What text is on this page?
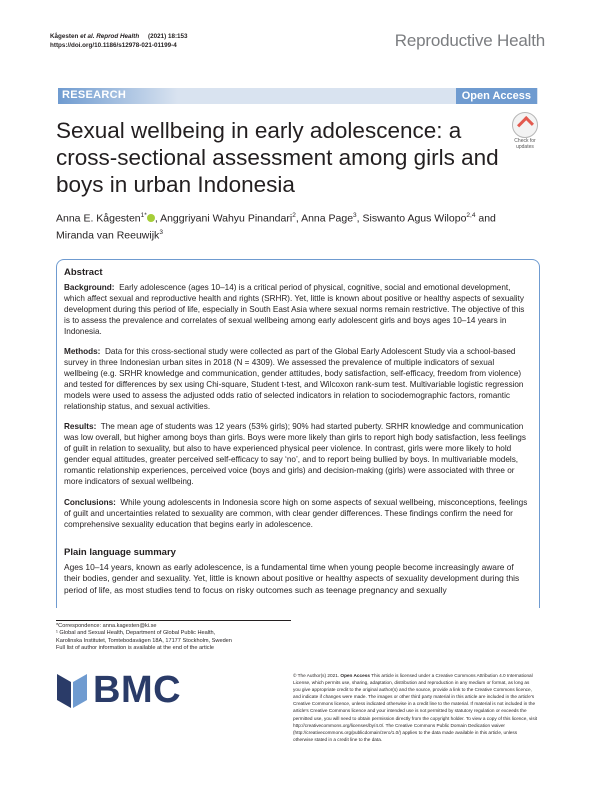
Kågesten et al. Reprod Health (2021) 18:153
https://doi.org/10.1186/s12978-021-01199-4	Reproductive Health
RESEARCH	Open Access
Sexual wellbeing in early adolescence: a cross-sectional assessment among girls and boys in urban Indonesia
Check for updates
Anna E. Kågesten$^{1*}$ , Anggriyani Wahyu Pinandari$^2$, Anna Page$^3$, Siswanto Agus Wilopo$^{2,4}$ and
Miranda van Reeuwijk$^3$
Abstract
Background: Early adolescence (ages 10–14) is a critical period of physical, cognitive, social and emotional development, which affect sexual and reproductive health and rights (SRHR). Yet, little is known about positive or healthy aspects of sexuality development during this period of life, especially in South East Asia where sexual norms remain restrictive. The objective of this is to assess the prevalence and correlates of sexual wellbeing among early adolescent girls and boys ages 10–14 years in Indonesia.
Methods: Data for this cross-sectional study were collected as part of the Global Early Adolescent Study via a school-based survey in three Indonesian urban sites in 2018 (N = 4309). We assessed the prevalence of multiple indicators of sexual wellbeing (e.g. SRHR knowledge and communication, gender attitudes, body satisfaction, self-efficacy, freedom from violence) and tested for differences by sex using Chi-square, Student t-test, and Wilcoxon rank-sum test. Multivariable logistic regression models were used to assess the adjusted odds ratio of selected indicators in relation to sociodemographic factors, romantic relationship status, and sexual activities.
Results: The mean age of students was 12 years (53% girls); 90% had started puberty. SRHR knowledge and communication was low overall, but higher among boys than girls. Boys were more likely than girls to report high body satisfaction, less feelings of guilt in relation to sexuality, but also to have experienced physical peer violence. In contrast, girls were more likely to hold gender equal attitudes, greater perceived self-efficacy to say ‘no’, and to report being bullied by boys. In multivariable models, romantic relationship experiences, perceived voice (boys and girls) and decision-making (girls) were associated with three or more indicators of sexual wellbeing.
Conclusions: While young adolescents in Indonesia score high on some aspects of sexual wellbeing, misconceptions, feelings of guilt and uncertainties related to sexuality are common, with clear gender differences. These findings confirm the need for comprehensive sexuality education that begins early in adolescence.
Plain language summary
Ages 10–14 years, known as early adolescence, is a fundamental time when young people become increasingly aware of their bodies, gender and sexuality. Yet, little is known about positive or healthy aspects of sexuality development during this period of life, as most studies tend to focus on risky outcomes such as teenage pregnancy and sexually
*Correspondence: anna.kagesten@ki.se
¹ Global and Sexual Health, Department of Global Public Health,
Karolinska Institutet, Tomtebodavägen 18A, 17177 Stockholm, Sweden
Full list of author information is available at the end of the article
BMC	© The Author(s) 2021. Open Access This article is licensed under a Creative Commons Attribution 4.0 International License, which permits use, sharing, adaptation, distribution and reproduction in any medium or format, as long as you give appropriate credit to the original author(s) and the source, provide a link to the Creative Commons licence, and indicate if changes were made. The images or other third party material in this article are included in the article's Creative Commons licence, unless indicated otherwise in a credit line to the material. If material is not included in the article's Creative Commons licence and your intended use is not permitted by statutory regulation or exceeds the permitted use, you will need to obtain permission directly from the copyright holder. To view a copy of this licence, visit http://creativecommons.org/licenses/by/4.0/. The Creative Commons Public Domain Dedication waiver (http://creativecommons.org/publicdomain/zero/1.0/) applies to the data made available in this article, unless otherwise stated in a credit line to the data.
